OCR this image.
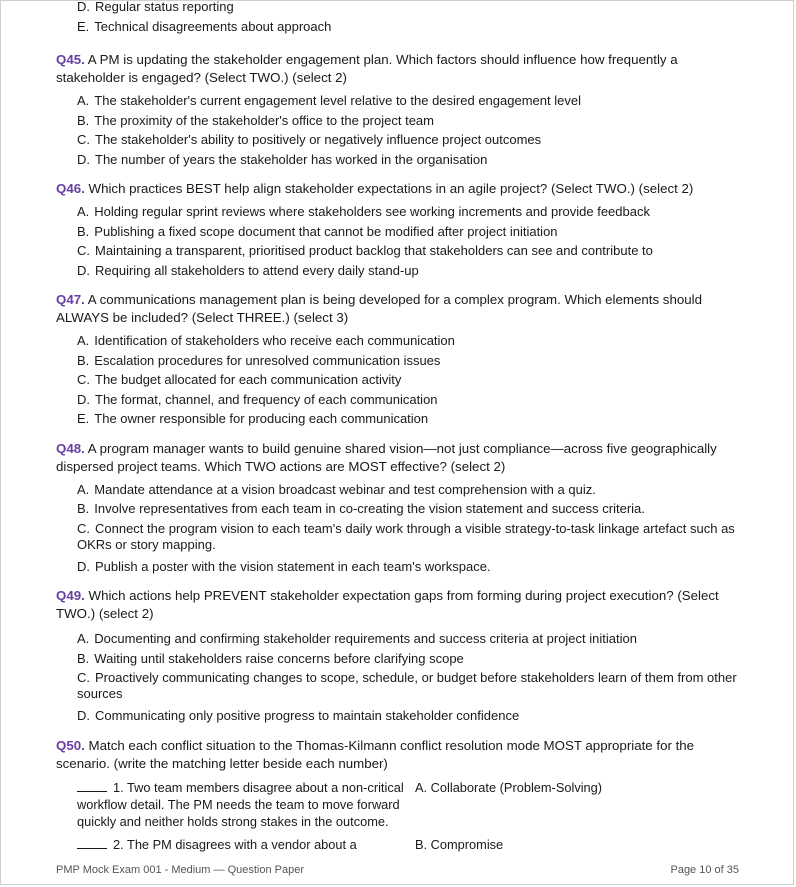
D. Regular status reporting
E. Technical disagreements about approach
Q45. A PM is updating the stakeholder engagement plan. Which factors should influence how frequently a stakeholder is engaged? (Select TWO.) (select 2)
A. The stakeholder's current engagement level relative to the desired engagement level
B. The proximity of the stakeholder's office to the project team
C. The stakeholder's ability to positively or negatively influence project outcomes
D. The number of years the stakeholder has worked in the organisation
Q46. Which practices BEST help align stakeholder expectations in an agile project? (Select TWO.) (select 2)
A. Holding regular sprint reviews where stakeholders see working increments and provide feedback
B. Publishing a fixed scope document that cannot be modified after project initiation
C. Maintaining a transparent, prioritised product backlog that stakeholders can see and contribute to
D. Requiring all stakeholders to attend every daily stand-up
Q47. A communications management plan is being developed for a complex program. Which elements should ALWAYS be included? (Select THREE.) (select 3)
A. Identification of stakeholders who receive each communication
B. Escalation procedures for unresolved communication issues
C. The budget allocated for each communication activity
D. The format, channel, and frequency of each communication
E. The owner responsible for producing each communication
Q48. A program manager wants to build genuine shared vision—not just compliance—across five geographically dispersed project teams. Which TWO actions are MOST effective? (select 2)
A. Mandate attendance at a vision broadcast webinar and test comprehension with a quiz.
B. Involve representatives from each team in co-creating the vision statement and success criteria.
C. Connect the program vision to each team's daily work through a visible strategy-to-task linkage artefact such as OKRs or story mapping.
D. Publish a poster with the vision statement in each team's workspace.
Q49. Which actions help PREVENT stakeholder expectation gaps from forming during project execution? (Select TWO.) (select 2)
A. Documenting and confirming stakeholder requirements and success criteria at project initiation
B. Waiting until stakeholders raise concerns before clarifying scope
C. Proactively communicating changes to scope, schedule, or budget before stakeholders learn of them from other sources
D. Communicating only positive progress to maintain stakeholder confidence
Q50. Match each conflict situation to the Thomas-Kilmann conflict resolution mode MOST appropriate for the scenario. (write the matching letter beside each number)
1. Two team members disagree about a non-critical workflow detail. The PM needs the team to move forward quickly and neither holds strong stakes in the outcome.
A. Collaborate (Problem-Solving)
2. The PM disagrees with a vendor about a	B. Compromise
PMP Mock Exam 001 - Medium — Question Paper	Page 10 of 35
